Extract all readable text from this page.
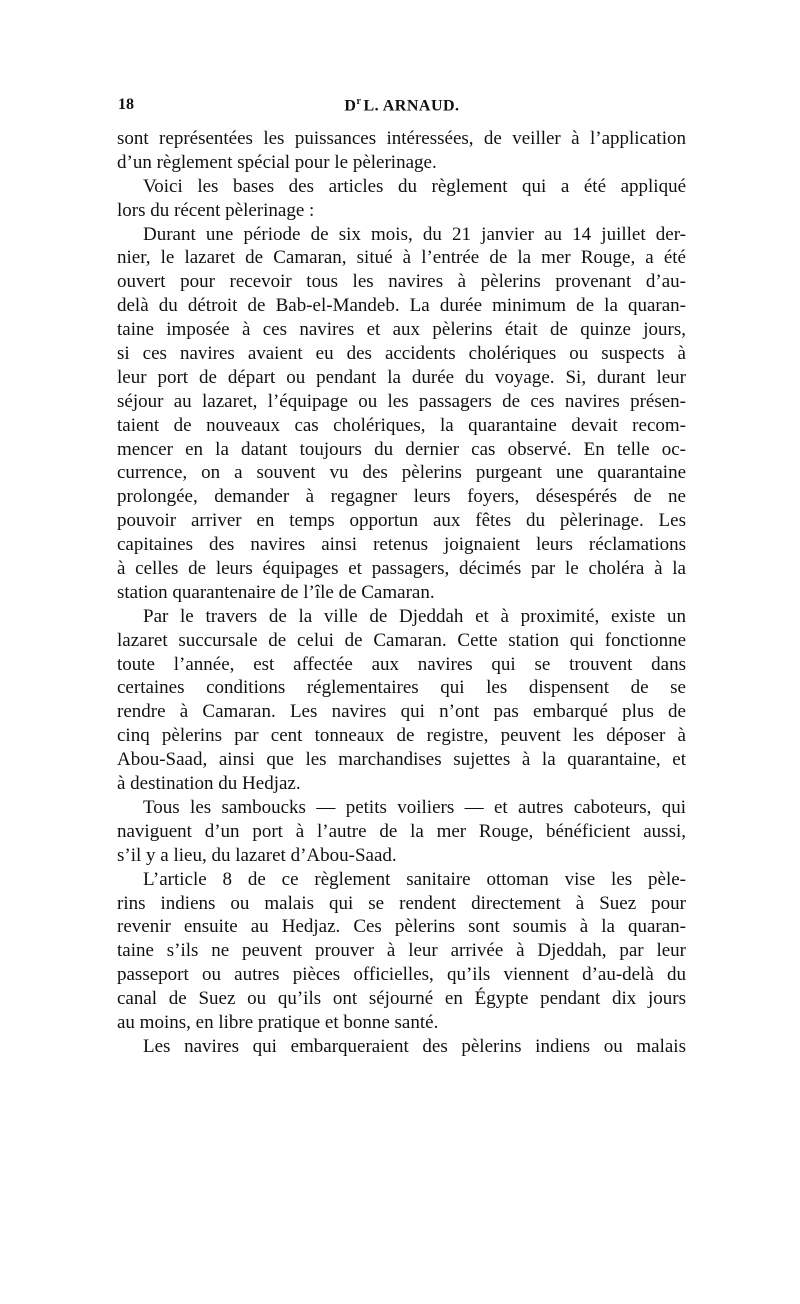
18	$D^r$ L. ARNAUD.
sont représentées les puissances intéressées, de veiller à l’application
d’un règlement spécial pour le pèlerinage.
Voici les bases des articles du règlement qui a été appliqué
lors du récent pèlerinage :
Durant une période de six mois, du 21 janvier au 14 juillet der-
nier, le lazaret de Camaran, situé à l’entrée de la mer Rouge, a été
ouvert pour recevoir tous les navires à pèlerins provenant d’au-
delà du détroit de Bab-el-Mandeb. La durée minimum de la quaran-
taine imposée à ces navires et aux pèlerins était de quinze jours,
si ces navires avaient eu des accidents cholériques ou suspects à
leur port de départ ou pendant la durée du voyage. Si, durant leur
séjour au lazaret, l’équipage ou les passagers de ces navires présen-
taient de nouveaux cas cholériques, la quarantaine devait recom-
mencer en la datant toujours du dernier cas observé. En telle oc-
currence, on a souvent vu des pèlerins purgeant une quarantaine
prolongée, demander à regagner leurs foyers, désespérés de ne
pouvoir arriver en temps opportun aux fêtes du pèlerinage. Les
capitaines des navires ainsi retenus joignaient leurs réclamations
à celles de leurs équipages et passagers, décimés par le choléra à la
station quarantenaire de l’île de Camaran.
Par le travers de la ville de Djeddah et à proximité, existe un
lazaret succursale de celui de Camaran. Cette station qui fonctionne
toute l’année, est affectée aux navires qui se trouvent dans
certaines conditions réglementaires qui les dispensent de se
rendre à Camaran. Les navires qui n’ont pas embarqué plus de
cinq pèlerins par cent tonneaux de registre, peuvent les déposer à
Abou-Saad, ainsi que les marchandises sujettes à la quarantaine, et
à destination du Hedjaz.
Tous les samboucks — petits voiliers — et autres caboteurs, qui
naviguent d’un port à l’autre de la mer Rouge, bénéficient aussi,
s’il y a lieu, du lazaret d’Abou-Saad.
L’article 8 de ce règlement sanitaire ottoman vise les pèle-
rins indiens ou malais qui se rendent directement à Suez pour
revenir ensuite au Hedjaz. Ces pèlerins sont soumis à la quaran-
taine s’ils ne peuvent prouver à leur arrivée à Djeddah, par leur
passeport ou autres pièces officielles, qu’ils viennent d’au-delà du
canal de Suez ou qu’ils ont séjourné en Égypte pendant dix jours
au moins, en libre pratique et bonne santé.
Les navires qui embarqueraient des pèlerins indiens ou malais
